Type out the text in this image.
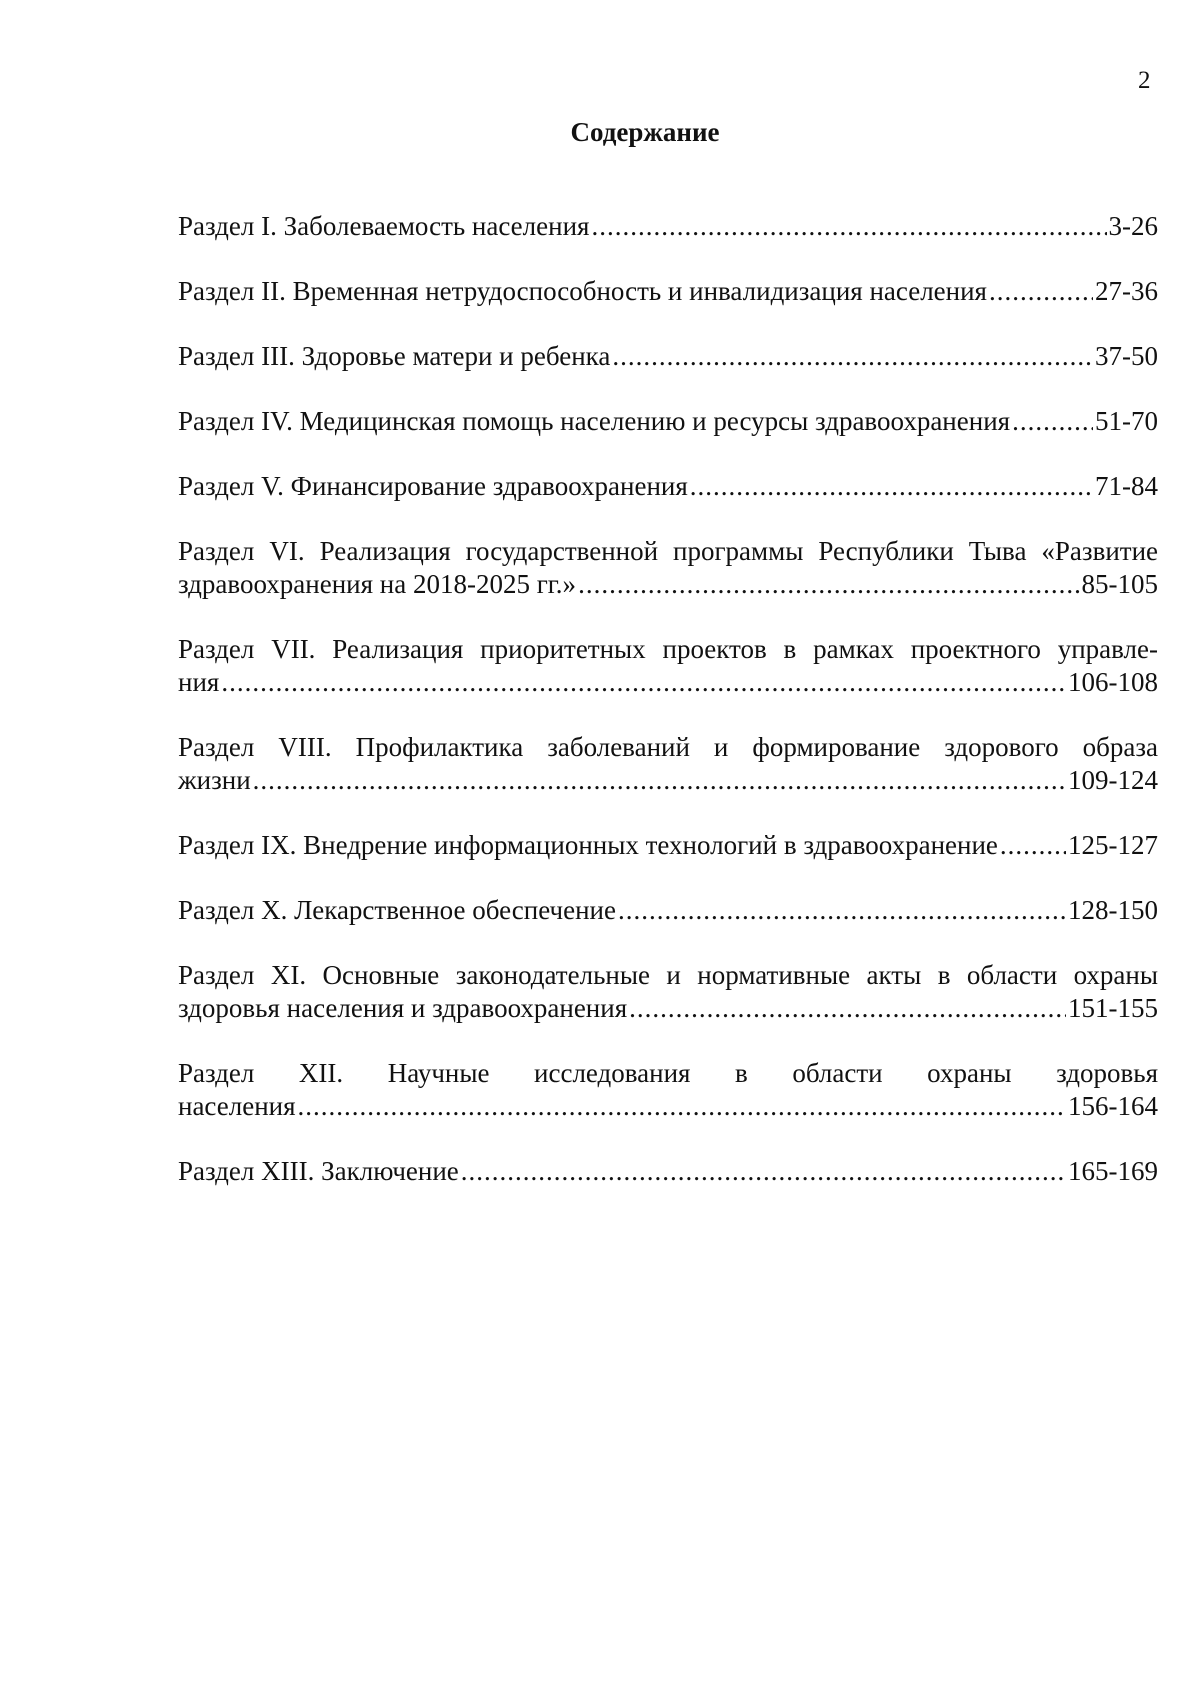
2
Содержание
Раздел I. Заболеваемость населения .....	3-26
Раздел II. Временная нетрудоспособность и инвалидизация населения .....	27-36
Раздел III. Здоровье матери и ребенка .....	37-50
Раздел IV. Медицинская помощь населению и ресурсы здравоохранения .....	51-70
Раздел V. Финансирование здравоохранения .....	71-84
Раздел VI. Реализация государственной программы Республики Тыва «Развитие
здравоохранения на 2018-2025 гг.» .....	85-105
Раздел VII. Реализация приоритетных проектов в рамках проектного управле-
ния .....	106-108
Раздел VIII. Профилактика заболеваний и формирование здорового образа
жизни .....	109-124
Раздел IX. Внедрение информационных технологий в здравоохранение .....	125-127
Раздел X. Лекарственное обеспечение .....	128-150
Раздел XI. Основные законодательные и нормативные акты в области охраны
здоровья населения и здравоохранения .....	151-155
Раздел XII. Научные исследования в области охраны здоровья
населения .....	156-164
Раздел XIII. Заключение .....	165-169
